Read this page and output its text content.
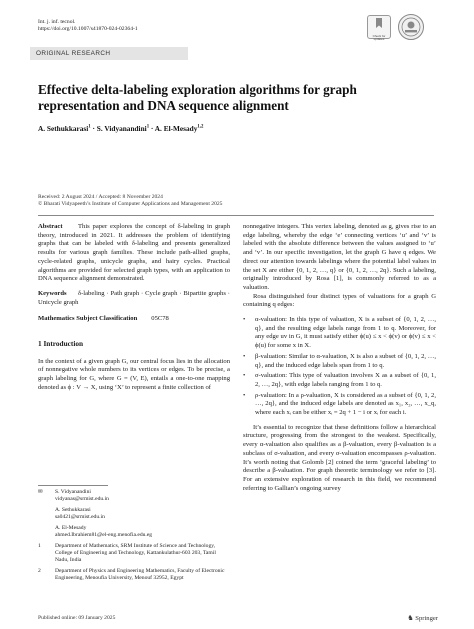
Int. j. inf. tecnol.
https://doi.org/10.1007/s41870-024-02364-1
Check for updates
ORIGINAL RESEARCH
Effective delta-labeling exploration algorithms for graph representation and DNA sequence alignment
A. Sethukkarasi$^1$ · S. Vidyanandini$^1$ · A. El-Mesady$^{1,2}$
Received: 2 August 2024 / Accepted: 8 November 2024
© Bharati Vidyapeeth’s Institute of Computer Applications and Management 2025
Abstract This paper explores the concept of δ-labeling in graph theory, introduced in 2021. It addresses the problem of identifying graphs that can be labeled with δ-labeling and presents generalized results for various graph families. These include path-allied graphs, cycle-related graphs, unicycle graphs, and hairy cycles. Practical algorithms are provided for selected graph types, with an application to DNA sequence alignment demonstrated.
Keywords δ-labeling · Path graph · Cycle graph · Bipartite graphs · Unicycle graph
Mathematics Subject Classification 05C78
1 Introduction
In the context of a given graph G, our central focus lies in the allocation of nonnegative whole numbers to its vertices or edges. To be precise, a graph labeling for G, where G = (V, E), entails a one-to-one mapping denoted as ϕ : V → X, using ‘X’ to represent a finite collection of
✉ S. Vidyanandini
vidyanas@srmist.edu.in
A. Sethukkarasi
sa0421@srmist.edu.in
A. El-Mesady
ahmed.Ibrahiem81@el-eng.menofia.edu.eg
1	Department of Mathematics, SRM Institute of Science and Technology, College of Engineering and Technology, Kattankulathur-603 203, Tamil Nadu, India
2	Department of Physics and Engineering Mathematics, Faculty of Electronic Engineering, Menoufia University, Menouf 32952, Egypt
nonnegative integers. This vertex labeling, denoted as g, gives rise to an edge labeling, whereby the edge ‘e’ connecting vertices ‘u’ and ‘v’ is labeled with the absolute difference between the values assigned to ‘u’ and ‘v’. In our specific investigation, let the graph G have q edges. We direct our attention towards labelings where the potential label values in the set X are either {0, 1, 2, …, q} or {0, 1, 2, …, 2q}. Such a labeling, originally introduced by Rosa [1], is commonly referred to as a valuation.
Rosa distinguished four distinct types of valuations for a graph G containing q edges:
• α-valuation: In this type of valuation, X is a subset of {0, 1, 2, …, q}, and the resulting edge labels range from 1 to q. Moreover, for any edge uv in G, it must satisfy either ϕ(u) ≤ x < ϕ(v) or ϕ(v) ≤ x < ϕ(u) for some x in X.
• β-valuation: Similar to α-valuation, X is also a subset of {0, 1, 2, …, q}, and the induced edge labels span from 1 to q.
• σ-valuation: This type of valuation involves X as a subset of {0, 1, 2, …, 2q}, with edge labels ranging from 1 to q.
• ρ-valuation: In a ρ-valuation, X is considered as a subset of {0, 1, 2, …, 2q}, and the induced edge labels are denoted as x₁, x₂, …, x_q, where each xᵢ can be either xᵢ = 2q + 1 − i or xᵢ for each i.
It’s essential to recognize that these definitions follow a hierarchical structure, progressing from the strongest to the weakest. Specifically, every α-valuation also qualifies as a β-valuation, every β-valuation is a subclass of σ-valuation, and every σ-valuation encompasses ρ-valuation. It’s worth noting that Golomb [2] coined the term ‘graceful labeling’ to describe a β-valuation. For graph theoretic terminology we refer to [3]. For an extensive exploration of research in this field, we recommend referring to Gallian’s ongoing survey
Published online: 09 January 2025	♞ Springer
